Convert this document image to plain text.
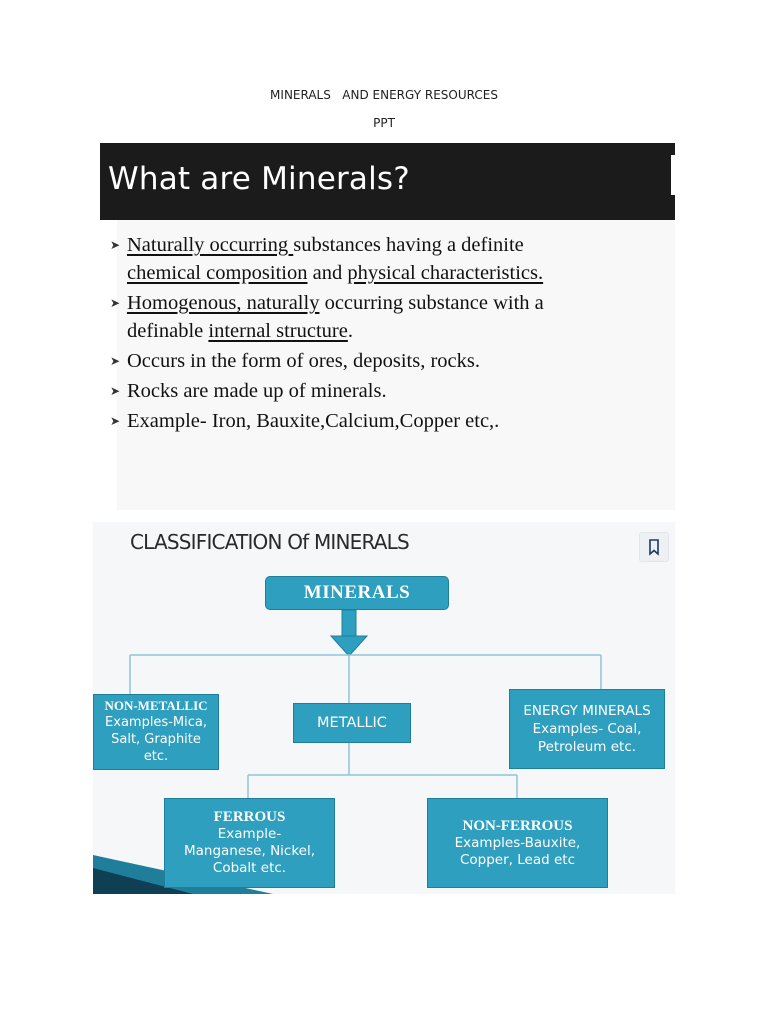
MINERALS   AND ENERGY RESOURCES
PPT
What are Minerals?
➤ Naturally occurring substances having a definite
chemical composition and physical characteristics.
➤ Homogenous, naturally occurring substance with a
definable internal structure.
➤ Occurs in the form of ores, deposits, rocks.
➤ Rocks are made up of minerals.
➤ Example- Iron, Bauxite,Calcium,Copper etc,.
CLASSIFICATION Of MINERALS
MINERALS
NON-METALLIC
Examples-Mica,
Salt, Graphite
etc.
METALLIC
ENERGY MINERALS
Examples- Coal,
Petroleum etc.
FERROUS
Example-
Manganese, Nickel,
Cobalt etc.
NON-FERROUS
Examples-Bauxite,
Copper, Lead etc
